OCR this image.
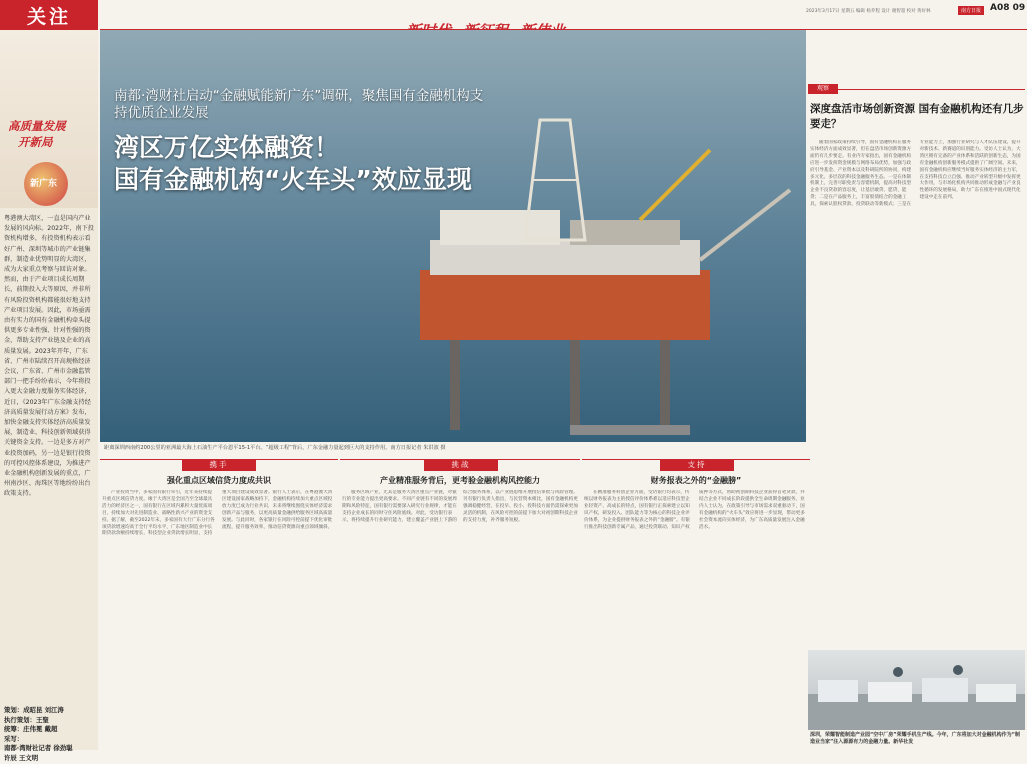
关注	2023年3月17日 星期五 编辑 杨乔程 设计 谢智超 校对 黄好林	南方日报 A08 09
高质量发展
开新局
新广东
粤港澳大湾区，一直是国内产业发展的风向标。2022年，南下投资机构增多，有投资机构表示看好广州、深圳等城市的产业链集群，制造业优势明显的大湾区，成为大家重点考察与回访对象。然而，由于产业项目成长周期长，前期投入大等原因，并非所有风险投资机构都能很好地支持产业项目发展。因此，市场亟需由有实力的国有金融机构牵头提供更多专业性强、针对性强的资金，帮助支持产业链及企业的高质量发展。2023年开年，广东省、广州市陆续召开高规格经济会议，广东省、广州市金融监管部门一把手纷纷表示，今年将投入更大金融力度服务实体经济，近日，《2023年广东金融支持经济高质量发展行动方案》发布，加快金融支持实体经济高质量发展，制造业、科技创新领域获得关键资金支持。一边是多方对产业投资加码，另一边是银行投资的可控风控体系建设，为推进产业金融机构创新发展的重点，广州南沙区、海珠区等地纷纷出台政策支持。
策划：成昭昆 刘江涛
执行策划：王聖
统筹：庄伟冕 戴超
采写：
南都·湾财社记者 徐劲聪
许辰 王文明
南都·湾财社启动“金融赋能新广东”调研，聚焦国有金融机构支持优质企业发展
湾区万亿实体融资！
国有金融机构“火车头”效应显现
距离深圳西南约200公里的亚洲最大海上石油生产平台恩平15-1平台。“超级工程”背后，广东金融力量起到巨大的支持作用。南方日报记者 朱洪波 摄
携手
强化重点区域信贷力度成共识
挑战
产业精准服务背后，更考验金融机构风控能力
支持
财务报表之外的“金融膀”

产业投资当中，多家国有银行牵引，近年来持续提升重点区域信贷力度。缘于大湾区是全国乃至全球最具活力的经济区之一，国有银行在区域内累积大量优质项目，持续加大对先进制造业、战略性新兴产业的资金支持。据了解，截至2022年末，多家国有大行广东分行各项贷款增速均高于全行平均水平，广东地区制造业中长期贷款余额持续增长，科技型企业贷款增长明显，支持重大项目建设成效显著。银行人士表示，在粤港澳大湾区建设国家战略加持下，金融机构持续加大重点区域投放力度已成为行业共识，未来将继续围绕实体经济需求创新产品与服务，以更高质量金融供给服务区域高质量发展。与此同时，各家银行在风险可控前提下优化审批流程，提升服务效率，推动信贷资源向重点领域倾斜。

服务区域产业，尤其是服务大湾区重点产业链，对银行的专业能力提出更高要求。不同产业链有不同的发展周期和风险特征，国有银行需要深入研究行业规律，才能在支持企业成长的同时守住风险底线。对此，受访银行表示，将持续提升行业研究能力，建立覆盖产业链上下游的综合服务体系，以产业链思维开展授信审批与风险管理。另有银行负责人指出，与民营资本相比，国有金融机构更强调稳健经营，在投早、投小、投科技方面仍需探索更加灵活的机制，在风险可控的前提下加大对初创期科技企业的支持力度，补齐服务短板。

在精准服务科创企业方面，受访银行均表示，传统以财务报表为主的授信评价体系难以适应科技型企业轻资产、高成长的特点，国有银行正探索建立以知识产权、研发投入、团队能力等为核心的科技企业评价体系，为企业提供财务报表之外的“金融膀”。有银行推出科技创新专属产品，通过投贷联动、知识产权质押等方式，帮助初创期科技企业获得首笔贷款，并结合企业不同成长阶段提供全生命周期金融服务。业内人士认为，在政策引导与市场需求双重驱动下，国有金融机构的“火车头”效应将进一步显现，带动更多社会资本流向实体经济，为广东高质量发展注入金融活水。

观察
深度盘活市场创新资源 国有金融机构还有几步要走？

随着国家政策持续引导，国有金融机构在服务实体经济方面成效显著，但在盘活市场创新资源方面仍有几步要走。有业内专家指出，国有金融机构应进一步发挥资金规模与网络布局优势，加强与政府引导基金、产业资本以及科研院所的协同，构建多元化、多层次的科技金融服务生态。一是在体制机制上，完善尽职免责与容错机制，提高对科技型企业不良贷款的容忍度，让基层敢贷、愿贷、能贷；二是在产品服务上，丰富股债结合的金融工具，探索认股权贷款、投贷联动等新模式；三是在专业能力上，加强行业研究与人才队伍建设，提升对新技术、新赛道的识别能力。受访人士认为，大湾区拥有完备的产业体系和活跃的创新生态，为国有金融机构创新服务模式提供了广阔空间。未来，国有金融机构应继续当好服务实体经济的主力军，在支持科技自立自强、推动产业转型升级中发挥更大作用，与市场化机构共同推动形成金融与产业良性循环的发展格局，助力广东在推进中国式现代化建设中走在前列。

深圳，荣耀智能制造产业园“空中厂房”荣耀手机生产线。今年，广东将加大对金融机构作为“制造业当家”注入源源有力的金融力量。新华社发
